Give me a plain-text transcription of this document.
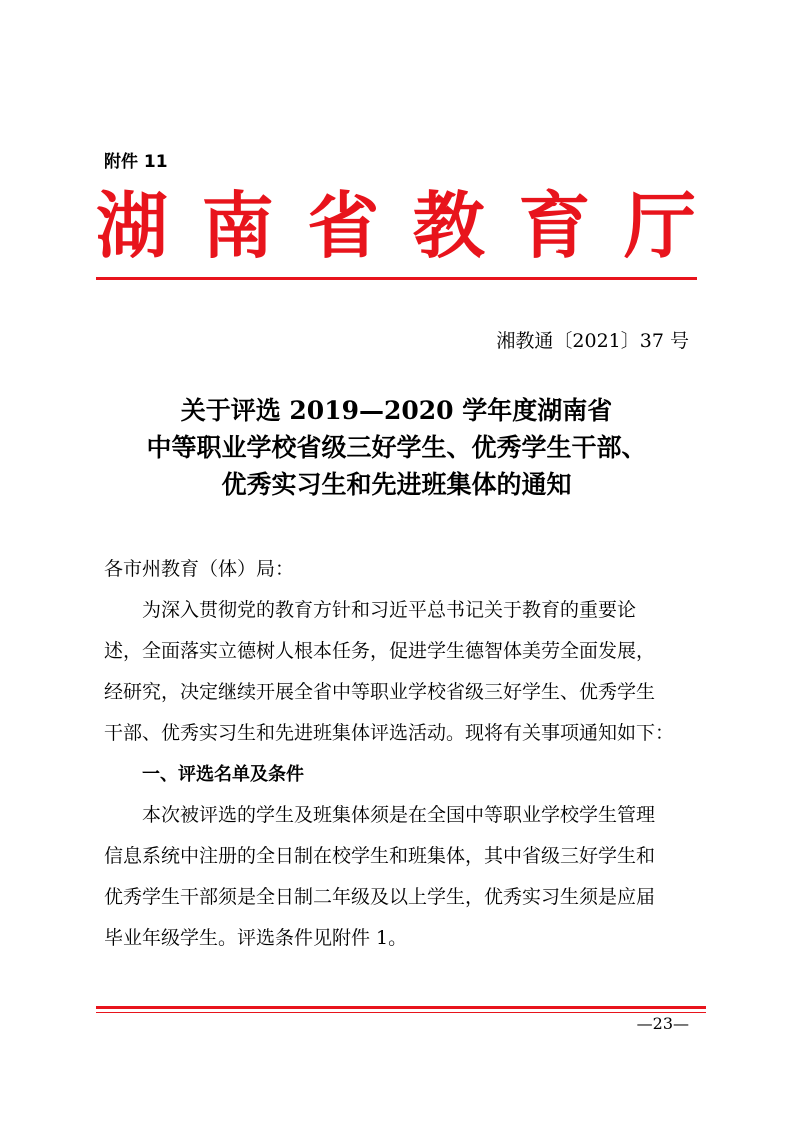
附件 11
湖 南 省 教 育 厅
湘教通〔2021〕37 号
关于评选 2019—2020 学年度湖南省
中等职业学校省级三好学生、优秀学生干部、
优秀实习生和先进班集体的通知

各市州教育（体）局：

为深入贯彻党的教育方针和习近平总书记关于教育的重要论

述，全面落实立德树人根本任务，促进学生德智体美劳全面发展，

经研究，决定继续开展全省中等职业学校省级三好学生、优秀学生

干部、优秀实习生和先进班集体评选活动。现将有关事项通知如下：

一、评选名单及条件

本次被评选的学生及班集体须是在全国中等职业学校学生管理

信息系统中注册的全日制在校学生和班集体，其中省级三好学生和

优秀学生干部须是全日制二年级及以上学生，优秀实习生须是应届

毕业年级学生。评选条件见附件 1。

—23—
